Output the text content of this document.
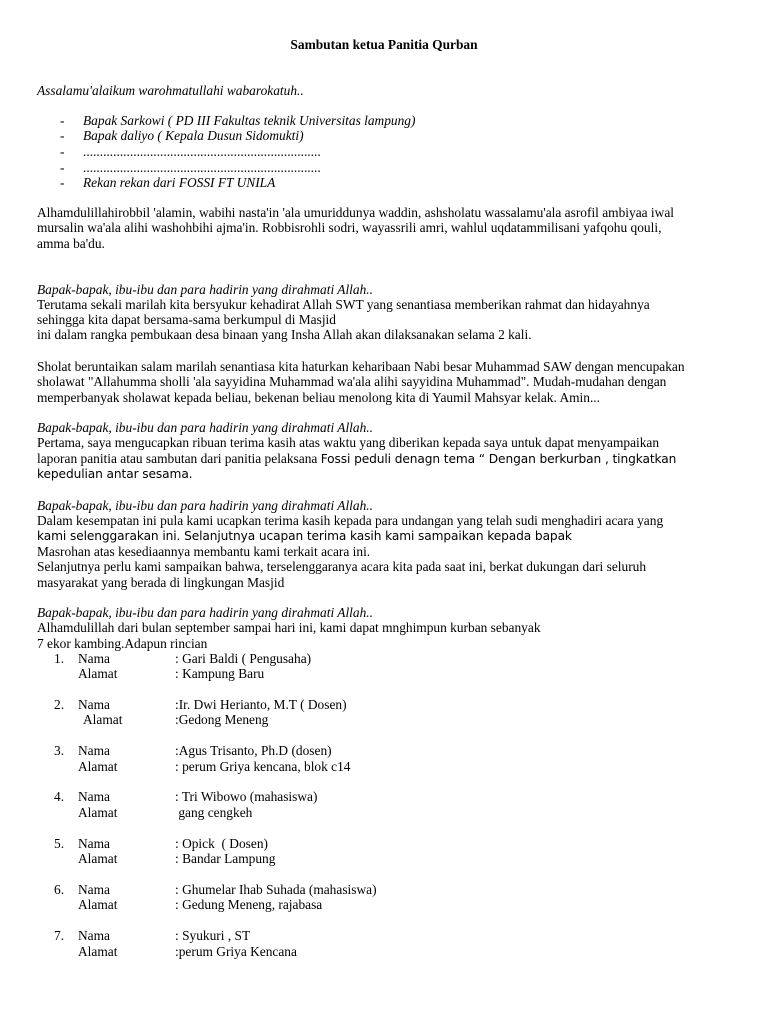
Sambutan ketua Panitia Qurban
Assalamu'alaikum warohmatullahi wabarokatuh..
- Bapak Sarkowi ( PD III Fakultas teknik Universitas lampung)
- Bapak daliyo ( Kepala Dusun Sidomukti)
- .......................................................................
- .......................................................................
- Rekan rekan dari FOSSI FT UNILA
Alhamdulillahirobbil 'alamin, wabihi nasta'in 'ala umuriddunya waddin, ashsholatu wassalamu'ala asrofil ambiyaa iwal
mursalin wa'ala alihi washohbihi ajma'in. Robbisrohli sodri, wayassrili amri, wahlul uqdatammilisani yafqohu qouli,
amma ba'du.
Bapak-bapak, ibu-ibu dan para hadirin yang dirahmati Allah..
Terutama sekali marilah kita bersyukur kehadirat Allah SWT yang senantiasa memberikan rahmat dan hidayahnya
sehingga kita dapat bersama-sama berkumpul di Masjid
ini dalam rangka pembukaan desa binaan yang Insha Allah akan dilaksanakan selama 2 kali.
Sholat beruntaikan salam marilah senantiasa kita haturkan keharibaan Nabi besar Muhammad SAW dengan mencupakan
sholawat "Allahumma sholli 'ala sayyidina Muhammad wa'ala alihi sayyidina Muhammad". Mudah-mudahan dengan
memperbanyak sholawat kepada beliau, bekenan beliau menolong kita di Yaumil Mahsyar kelak. Amin...
Bapak-bapak, ibu-ibu dan para hadirin yang dirahmati Allah..
Pertama, saya mengucapkan ribuan terima kasih atas waktu yang diberikan kepada saya untuk dapat menyampaikan
laporan panitia atau sambutan dari panitia pelaksana Fossi peduli denagn tema “ Dengan berkurban , tingkatkan
kepedulian antar sesama.
Bapak-bapak, ibu-ibu dan para hadirin yang dirahmati Allah..
Dalam kesempatan ini pula kami ucapkan terima kasih kepada para undangan yang telah sudi menghadiri acara yang
kami selenggarakan ini. Selanjutnya ucapan terima kasih kami sampaikan kepada bapak
Masrohan atas kesediaannya membantu kami terkait acara ini.
Selanjutnya perlu kami sampaikan bahwa, terselenggaranya acara kita pada saat ini, berkat dukungan dari seluruh
masyarakat yang berada di lingkungan Masjid
Bapak-bapak, ibu-ibu dan para hadirin yang dirahmati Allah..
Alhamdulillah dari bulan september sampai hari ini, kami dapat mnghimpun kurban sebanyak
7 ekor kambing.Adapun rincian
1. Nama	: Gari Baldi ( Pengusaha)
Alamat	: Kampung Baru
2. Nama	:Ir. Dwi Herianto, M.T ( Dosen)
Alamat	:Gedong Meneng
3. Nama	:Agus Trisanto, Ph.D (dosen)
Alamat	: perum Griya kencana, blok c14
4. Nama	: Tri Wibowo (mahasiswa)
Alamat	gang cengkeh
5. Nama	: Opick  ( Dosen)
Alamat	: Bandar Lampung
6. Nama	: Ghumelar Ihab Suhada (mahasiswa)
Alamat	: Gedung Meneng, rajabasa
7. Nama	: Syukuri , ST
Alamat	:perum Griya Kencana
